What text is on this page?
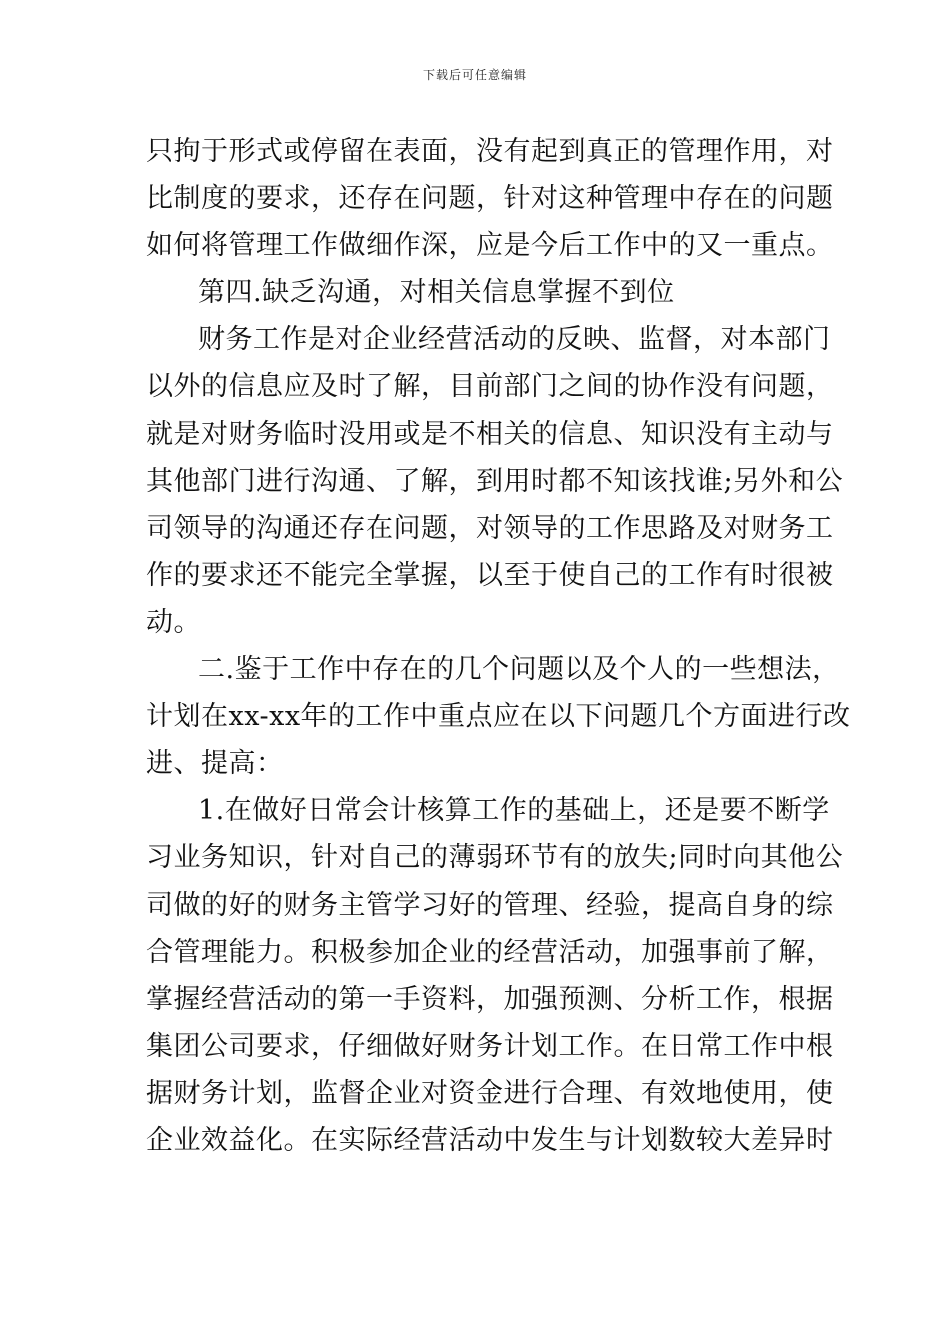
下载后可任意编辑
只拘于形式或停留在表面，没有起到真正的管理作用，对
比制度的要求，还存在问题，针对这种管理中存在的问题
如何将管理工作做细作深，应是今后工作中的又一重点。
第四.缺乏沟通，对相关信息掌握不到位
财务工作是对企业经营活动的反映、监督，对本部门
以外的信息应及时了解，目前部门之间的协作没有问题，
就是对财务临时没用或是不相关的信息、知识没有主动与
其他部门进行沟通、了解，到用时都不知该找谁;另外和公
司领导的沟通还存在问题，对领导的工作思路及对财务工
作的要求还不能完全掌握，以至于使自己的工作有时很被
动。
二.鉴于工作中存在的几个问题以及个人的一些想法，
计划在xx-xx年的工作中重点应在以下问题几个方面进行改
进、提高：
1.在做好日常会计核算工作的基础上，还是要不断学
习业务知识，针对自己的薄弱环节有的放失;同时向其他公
司做的好的财务主管学习好的管理、经验，提高自身的综
合管理能力。积极参加企业的经营活动，加强事前了解，
掌握经营活动的第一手资料，加强预测、分析工作，根据
集团公司要求，仔细做好财务计划工作。在日常工作中根
据财务计划，监督企业对资金进行合理、有效地使用，使
企业效益化。在实际经营活动中发生与计划数较大差异时
